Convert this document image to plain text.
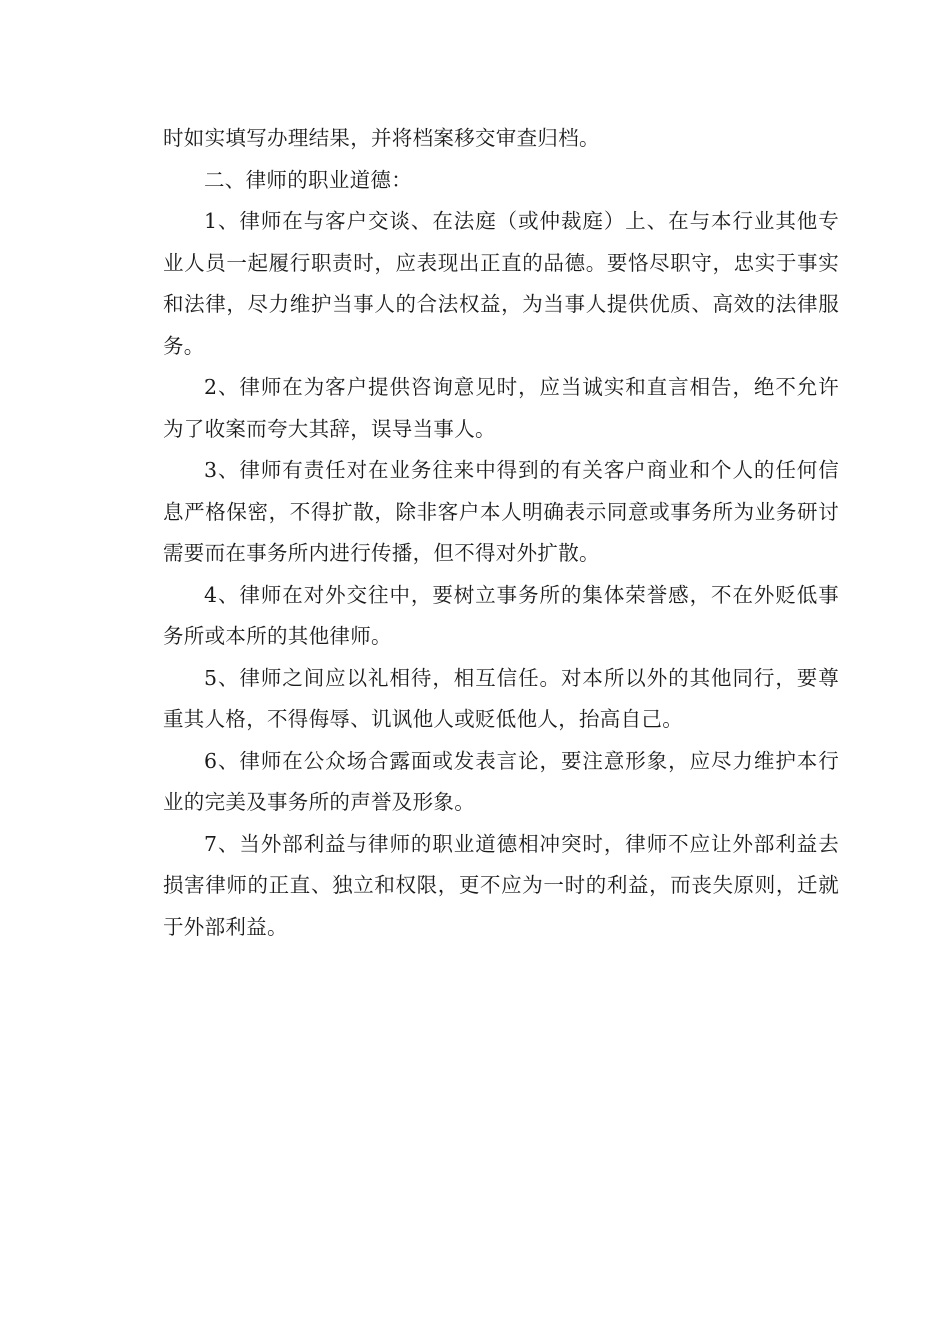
时如实填写办理结果，并将档案移交审查归档。

二、律师的职业道德：

1、律师在与客户交谈、在法庭（或仲裁庭）上、在与本行业其他专业人员一起履行职责时，应表现出正直的品德。要恪尽职守，忠实于事实和法律，尽力维护当事人的合法权益，为当事人提供优质、高效的法律服务。

2、律师在为客户提供咨询意见时，应当诚实和直言相告，绝不允许为了收案而夸大其辞，误导当事人。

3、律师有责任对在业务往来中得到的有关客户商业和个人的任何信息严格保密，不得扩散，除非客户本人明确表示同意或事务所为业务研讨需要而在事务所内进行传播，但不得对外扩散。

4、律师在对外交往中，要树立事务所的集体荣誉感，不在外贬低事务所或本所的其他律师。

5、律师之间应以礼相待，相互信任。对本所以外的其他同行，要尊重其人格，不得侮辱、讥讽他人或贬低他人，抬高自己。

6、律师在公众场合露面或发表言论，要注意形象，应尽力维护本行业的完美及事务所的声誉及形象。

7、当外部利益与律师的职业道德相冲突时，律师不应让外部利益去损害律师的正直、独立和权限，更不应为一时的利益，而丧失原则，迁就于外部利益。
